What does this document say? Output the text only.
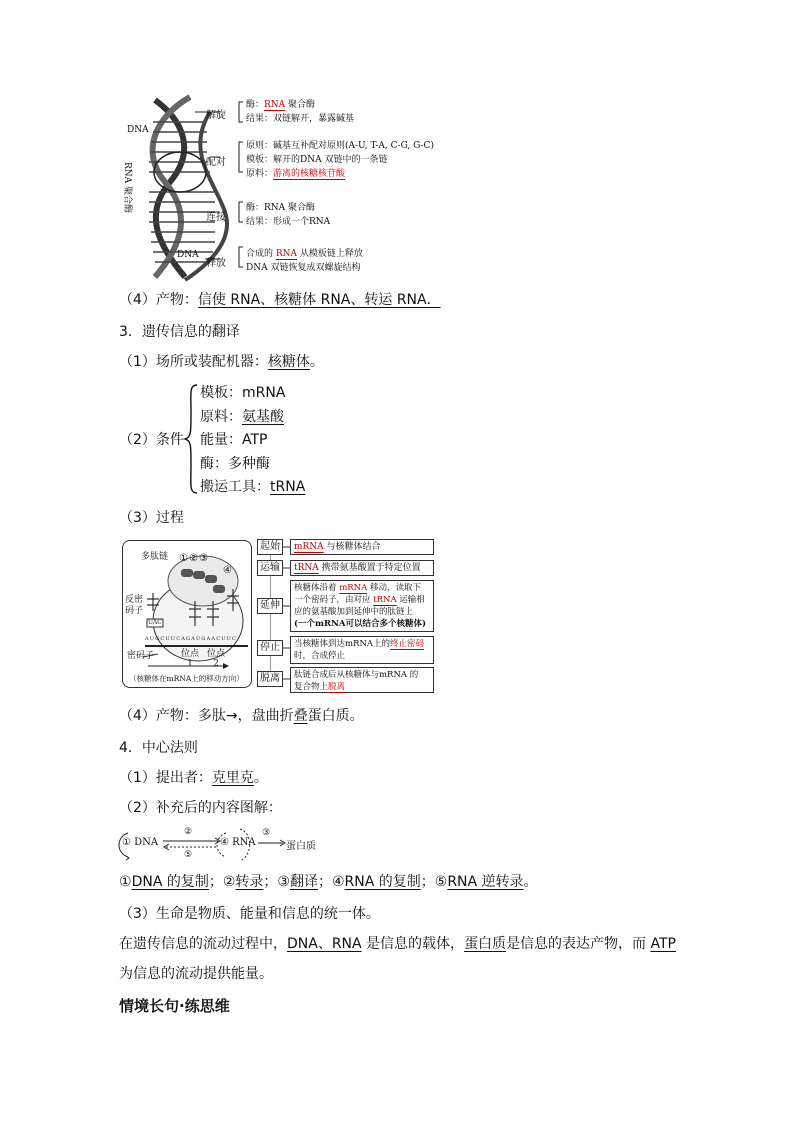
DNA
DNA
RNA 聚合酶
解旋
配对
连接
释放
酶：RNA 聚合酶
结果：双链解开，暴露碱基
原则：碱基互补配对原则(A-U, T-A, C-G, G-C)
模板：解开的DNA 双链中的一条链
原料：游离的核糖核苷酸
酶：RNA 聚合酶
结果：形成一个RNA
合成的 RNA 从模板链上释放
DNA 双链恢复成双螺旋结构
（4）产物：信使 RNA、核糖体 RNA、转运 RNA．
3．遗传信息的翻译
（1）场所或装配机器：核糖体。
（2）条件
模板：mRNA
原料：氨基酸
能量：ATP
酶：多种酶
搬运工具：tRNA
（3）过程
多肽链 ① ② ③
④
反密
码子
UAC
A U G C U U C A G A U G A A C U U C
密码子	位点
1
位点
2
（核糖体在mRNA上的移动方向）
起始
运输
延伸
停止
脱离
mRNA 与核糖体结合
tRNA 携带氨基酸置于特定位置
核糖体沿着 mRNA 移动，读取下
一个密码子，由对应 tRNA 运输相
应的氨基酸加到延伸中的肽链上
(一个mRNA可以结合多个核糖体)
当核糖体到达mRNA上的终止密码
时，合成停止
肽链合成后从核糖体与mRNA 的
复合物上脱离
（4）产物：多肽→，盘曲折叠蛋白质。
4．中心法则
（1）提出者：克里克。
（2）补充后的内容图解：
① DNA
②
⑤
④ RNA
③
蛋白质
①DNA 的复制；②转录；③翻译；④RNA 的复制；⑤RNA 逆转录。
（3）生命是物质、能量和信息的统一体。
在遗传信息的流动过程中，DNA、RNA 是信息的载体，蛋白质是信息的表达产物，而 ATP
为信息的流动提供能量。
情境长句·练思维
